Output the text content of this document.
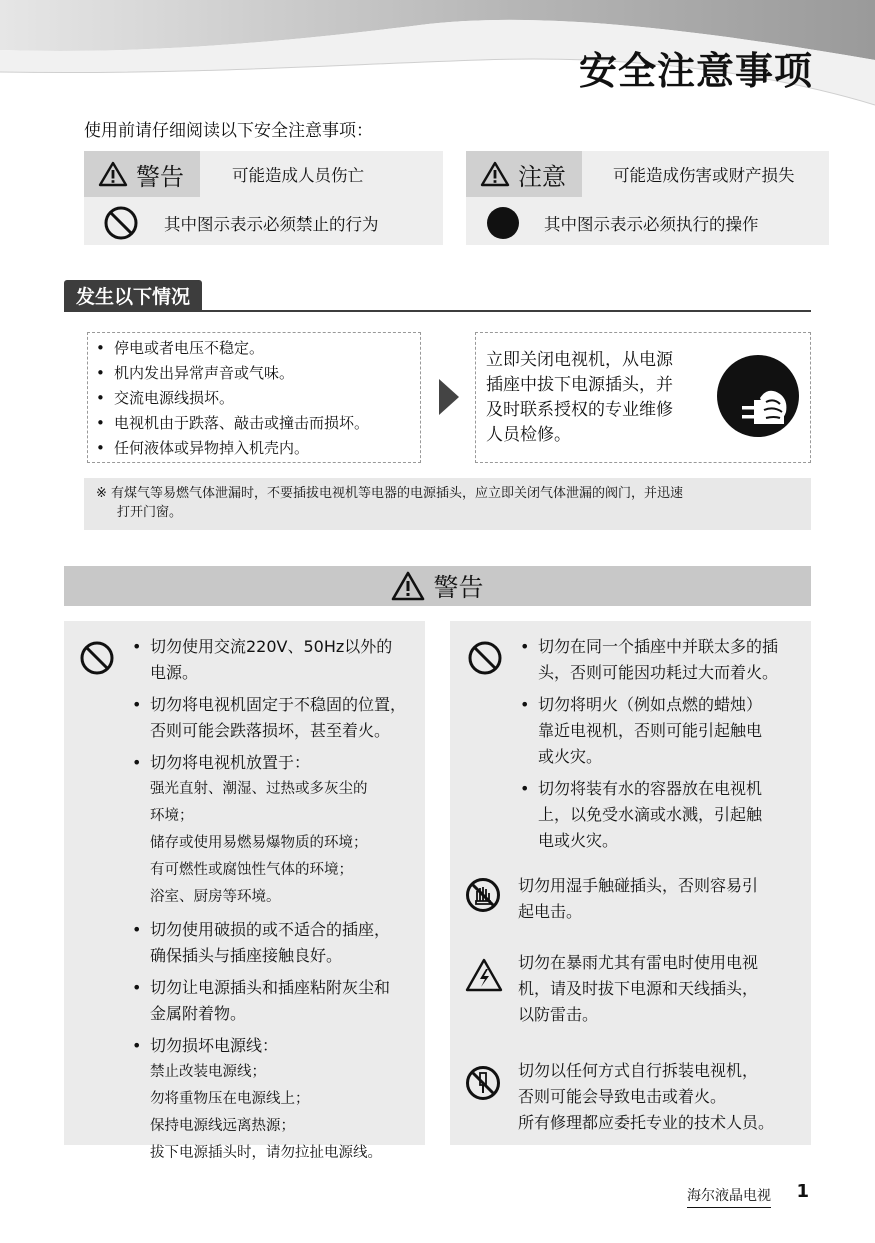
安全注意事项
使用前请仔细阅读以下安全注意事项：
警告	可能造成人员伤亡
其中图示表示必须禁止的行为
注意	可能造成伤害或财产损失
其中图示表示必须执行的操作
发生以下情况
• 停电或者电压不稳定。
• 机内发出异常声音或气味。
• 交流电源线损坏。
• 电视机由于跌落、敲击或撞击而损坏。
• 任何液体或异物掉入机壳内。
立即关闭电视机，从电源
插座中拔下电源插头，并
及时联系授权的专业维修
人员检修。
※ 有煤气等易燃气体泄漏时，不要插拔电视机等电器的电源插头，应立即关闭气体泄漏的阀门，并迅速
打开门窗。
警告
• 切勿使用交流220V、50Hz以外的
电源。
• 切勿将电视机固定于不稳固的位置，
否则可能会跌落损坏，甚至着火。
• 切勿将电视机放置于：
强光直射、潮湿、过热或多灰尘的
环境；
储存或使用易燃易爆物质的环境；
有可燃性或腐蚀性气体的环境；
浴室、厨房等环境。
• 切勿使用破损的或不适合的插座，
确保插头与插座接触良好。
• 切勿让电源插头和插座粘附灰尘和
金属附着物。
• 切勿损坏电源线：
禁止改装电源线；
勿将重物压在电源线上；
保持电源线远离热源；
拔下电源插头时，请勿拉扯电源线。
• 切勿在同一个插座中并联太多的插
头，否则可能因功耗过大而着火。
• 切勿将明火（例如点燃的蜡烛）
靠近电视机，否则可能引起触电
或火灾。
• 切勿将装有水的容器放在电视机
上，以免受水滴或水溅，引起触
电或火灾。
切勿用湿手触碰插头，否则容易引
起电击。
切勿在暴雨尤其有雷电时使用电视
机，请及时拔下电源和天线插头，
以防雷击。
切勿以任何方式自行拆装电视机，
否则可能会导致电击或着火。
所有修理都应委托专业的技术人员。
海尔液晶电视 1
